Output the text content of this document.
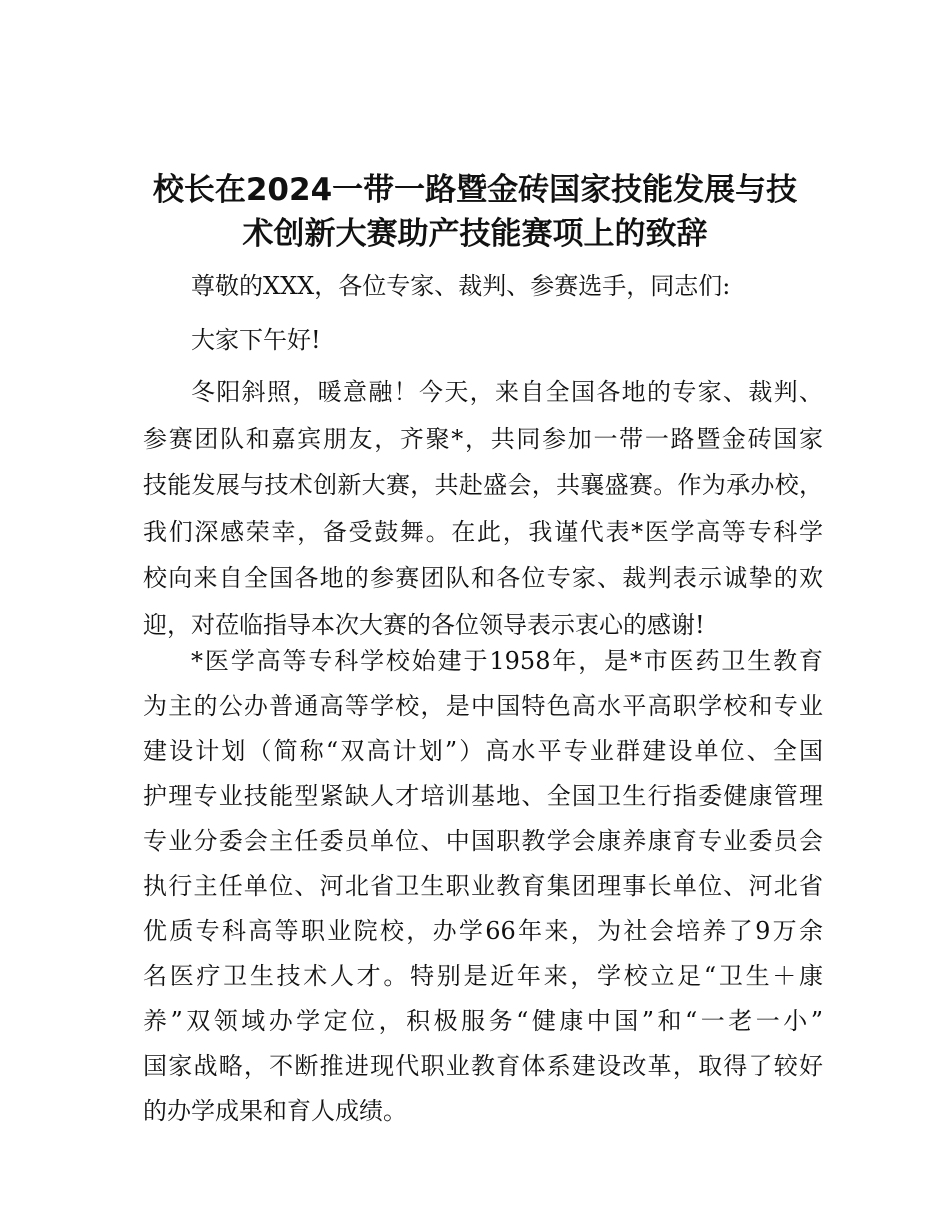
校长在2024一带一路暨金砖国家技能发展与技
术创新大赛助产技能赛项上的致辞
尊敬的XXX，各位专家、裁判、参赛选手，同志们:
大家下午好!
冬阳斜照，暖意融！今天，来自全国各地的专家、裁判、
参赛团队和嘉宾朋友，齐聚*，共同参加一带一路暨金砖国家
技能发展与技术创新大赛，共赴盛会，共襄盛赛。作为承办校，
我们深感荣幸，备受鼓舞。在此，我谨代表*医学高等专科学
校向来自全国各地的参赛团队和各位专家、裁判表示诚挚的欢
迎，对莅临指导本次大赛的各位领导表示衷心的感谢!
*医学高等专科学校始建于1958年，是*市医药卫生教育
为主的公办普通高等学校，是中国特色高水平高职学校和专业
建设计划（简称“双高计划”）高水平专业群建设单位、全国
护理专业技能型紧缺人才培训基地、全国卫生行指委健康管理
专业分委会主任委员单位、中国职教学会康养康育专业委员会
执行主任单位、河北省卫生职业教育集团理事长单位、河北省
优质专科高等职业院校，办学66年来，为社会培养了9万余
名医疗卫生技术人才。特别是近年来，学校立足“卫生＋康
养”双领域办学定位，积极服务“健康中国”和“一老一小”
国家战略，不断推进现代职业教育体系建设改革，取得了较好
的办学成果和育人成绩。
